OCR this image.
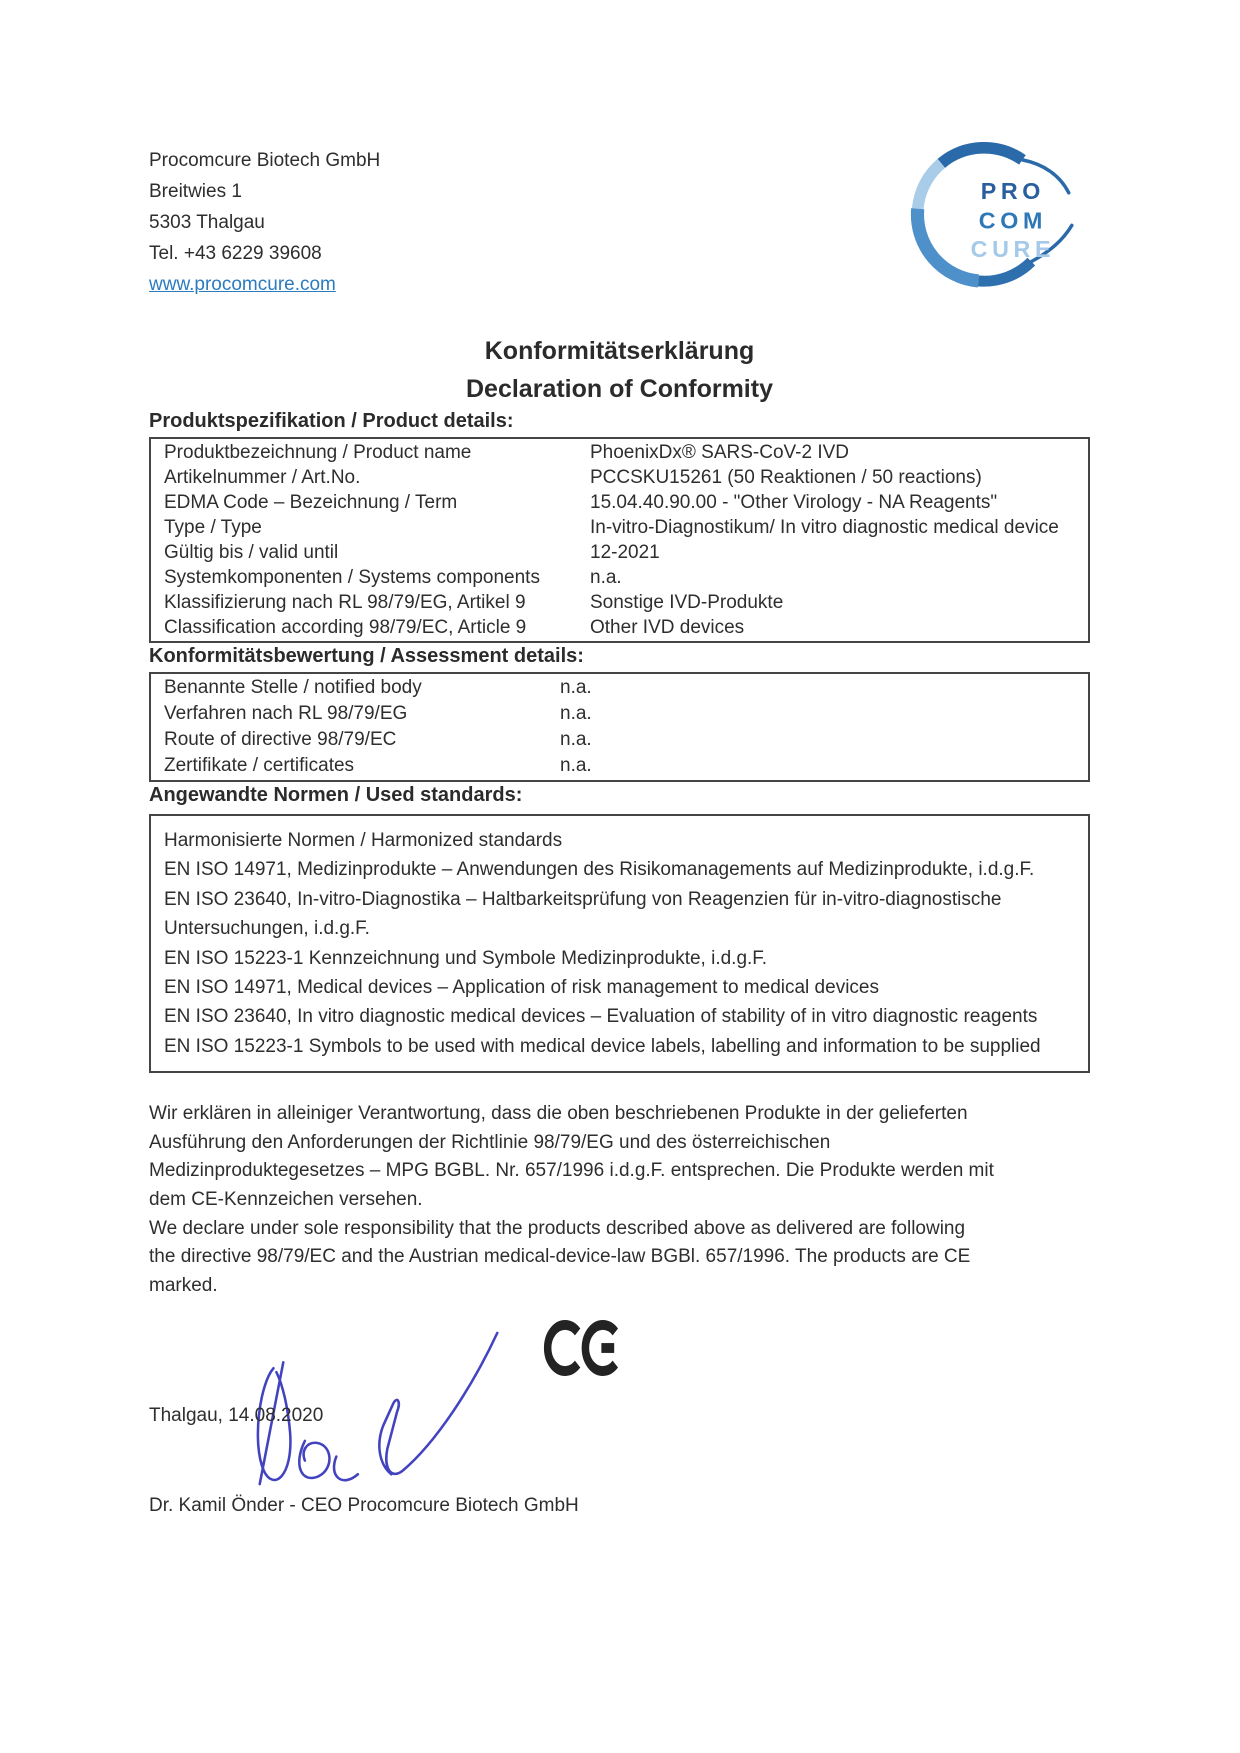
Procomcure Biotech GmbH
Breitwies 1
5303 Thalgau
Tel. +43 6229 39608
www.procomcure.com
PRO
COM
CURE
Konformitätserklärung
Declaration of Conformity
Produktspezifikation / Product details:
Produktbezeichnung / Product name	PhoenixDx® SARS-CoV-2 IVD
Artikelnummer / Art.No.	PCCSKU15261 (50 Reaktionen / 50 reactions)
EDMA Code – Bezeichnung / Term	15.04.40.90.00 - "Other Virology - NA Reagents"
Type / Type	In-vitro-Diagnostikum/ In vitro diagnostic medical device
Gültig bis / valid until	12-2021
Systemkomponenten / Systems components	n.a.
Klassifizierung nach RL 98/79/EG, Artikel 9	Sonstige IVD-Produkte
Classification according 98/79/EC, Article 9	Other IVD devices
Konformitätsbewertung / Assessment details:
Benannte Stelle / notified body	n.a.
Verfahren nach RL 98/79/EG	n.a.
Route of directive 98/79/EC	n.a.
Zertifikate / certificates	n.a.
Angewandte Normen / Used standards:
Harmonisierte Normen / Harmonized standards
EN ISO 14971, Medizinprodukte – Anwendungen des Risikomanagements auf Medizinprodukte, i.d.g.F.
EN ISO 23640, In-vitro-Diagnostika – Haltbarkeitsprüfung von Reagenzien für in-vitro-diagnostische
Untersuchungen, i.d.g.F.
EN ISO 15223-1 Kennzeichnung und Symbole Medizinprodukte, i.d.g.F.
EN ISO 14971, Medical devices – Application of risk management to medical devices
EN ISO 23640, In vitro diagnostic medical devices – Evaluation of stability of in vitro diagnostic reagents
EN ISO 15223-1 Symbols to be used with medical device labels, labelling and information to be supplied
Wir erklären in alleiniger Verantwortung, dass die oben beschriebenen Produkte in der gelieferten
Ausführung den Anforderungen der Richtlinie 98/79/EG und des österreichischen
Medizinproduktegesetzes – MPG BGBL. Nr. 657/1996 i.d.g.F. entsprechen. Die Produkte werden mit
dem CE-Kennzeichen versehen.
We declare under sole responsibility that the products described above as delivered are following
the directive 98/79/EC and the Austrian medical-device-law BGBl. 657/1996. The products are CE
marked.
Thalgau, 14.08.2020
Dr. Kamil Önder - CEO Procomcure Biotech GmbH
